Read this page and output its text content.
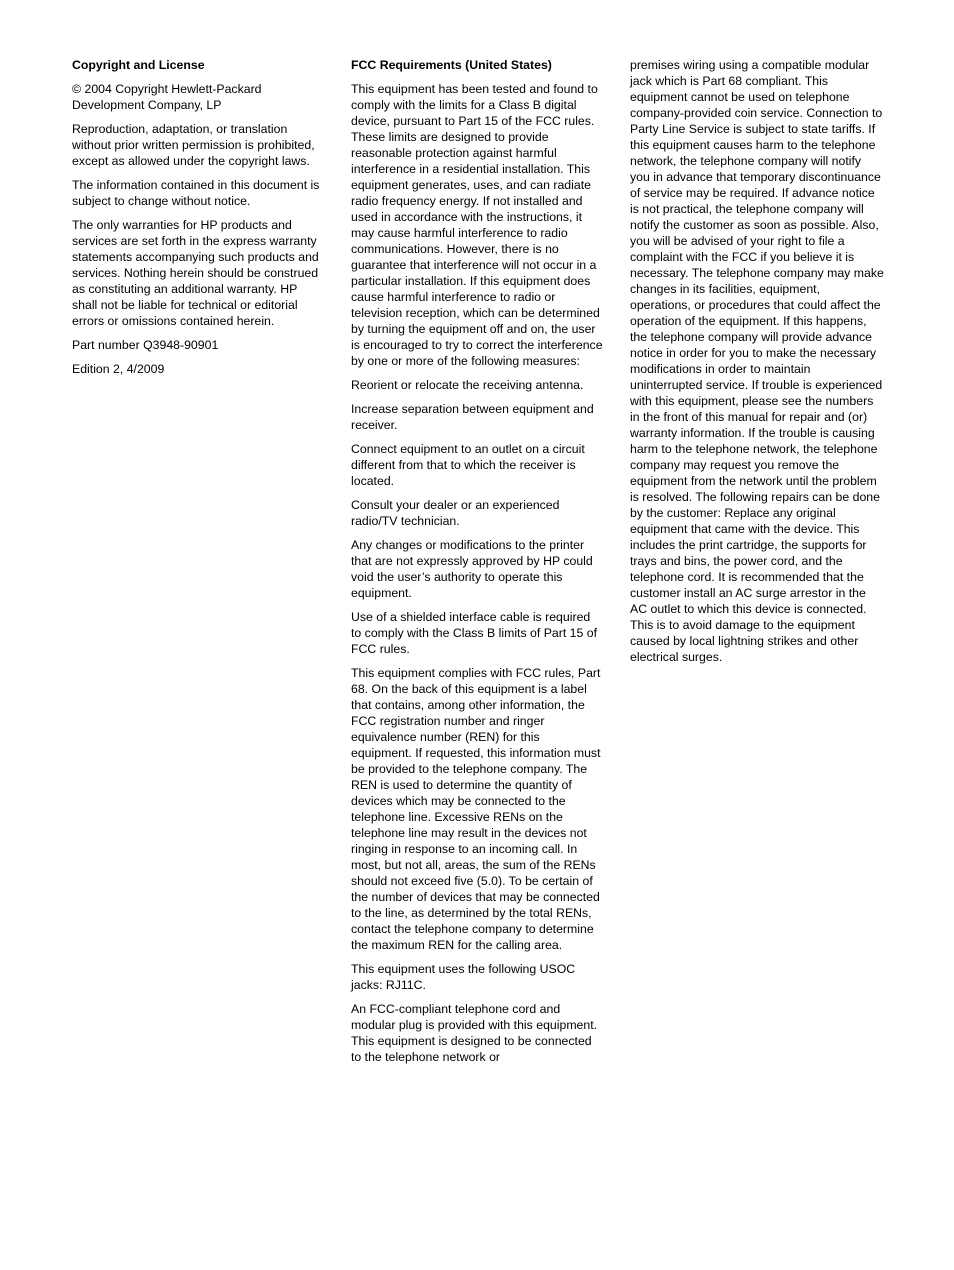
Copyright and License
© 2004 Copyright Hewlett-Packard Development Company, LP
Reproduction, adaptation, or translation without prior written permission is prohibited, except as allowed under the copyright laws.
The information contained in this document is subject to change without notice.
The only warranties for HP products and services are set forth in the express warranty statements accompanying such products and services. Nothing herein should be construed as constituting an additional warranty. HP shall not be liable for technical or editorial errors or omissions contained herein.
Part number Q3948-90901
Edition 2, 4/2009
FCC Requirements (United States)
This equipment has been tested and found to comply with the limits for a Class B digital device, pursuant to Part 15 of the FCC rules. These limits are designed to provide reasonable protection against harmful interference in a residential installation. This equipment generates, uses, and can radiate radio frequency energy. If not installed and used in accordance with the instructions, it may cause harmful interference to radio communications. However, there is no guarantee that interference will not occur in a particular installation. If this equipment does cause harmful interference to radio or television reception, which can be determined by turning the equipment off and on, the user is encouraged to try to correct the interference by one or more of the following measures:
Reorient or relocate the receiving antenna.
Increase separation between equipment and receiver.
Connect equipment to an outlet on a circuit different from that to which the receiver is located.
Consult your dealer or an experienced radio/TV technician.
Any changes or modifications to the printer that are not expressly approved by HP could void the user’s authority to operate this equipment.
Use of a shielded interface cable is required to comply with the Class B limits of Part 15 of FCC rules.
This equipment complies with FCC rules, Part 68. On the back of this equipment is a label that contains, among other information, the FCC registration number and ringer equivalence number (REN) for this equipment. If requested, this information must be provided to the telephone company. The REN is used to determine the quantity of devices which may be connected to the telephone line. Excessive RENs on the telephone line may result in the devices not ringing in response to an incoming call. In most, but not all, areas, the sum of the RENs should not exceed five (5.0). To be certain of the number of devices that may be connected to the line, as determined by the total RENs, contact the telephone company to determine the maximum REN for the calling area.
This equipment uses the following USOC jacks: RJ11C.
An FCC-compliant telephone cord and modular plug is provided with this equipment. This equipment is designed to be connected to the telephone network or
premises wiring using a compatible modular jack which is Part 68 compliant. This equipment cannot be used on telephone company-provided coin service. Connection to Party Line Service is subject to state tariffs. If this equipment causes harm to the telephone network, the telephone company will notify you in advance that temporary discontinuance of service may be required. If advance notice is not practical, the telephone company will notify the customer as soon as possible. Also, you will be advised of your right to file a complaint with the FCC if you believe it is necessary. The telephone company may make changes in its facilities, equipment, operations, or procedures that could affect the operation of the equipment. If this happens, the telephone company will provide advance notice in order for you to make the necessary modifications in order to maintain uninterrupted service. If trouble is experienced with this equipment, please see the numbers in the front of this manual for repair and (or) warranty information. If the trouble is causing harm to the telephone network, the telephone company may request you remove the equipment from the network until the problem is resolved. The following repairs can be done by the customer: Replace any original equipment that came with the device. This includes the print cartridge, the supports for trays and bins, the power cord, and the telephone cord. It is recommended that the customer install an AC surge arrestor in the AC outlet to which this device is connected. This is to avoid damage to the equipment caused by local lightning strikes and other electrical surges.
